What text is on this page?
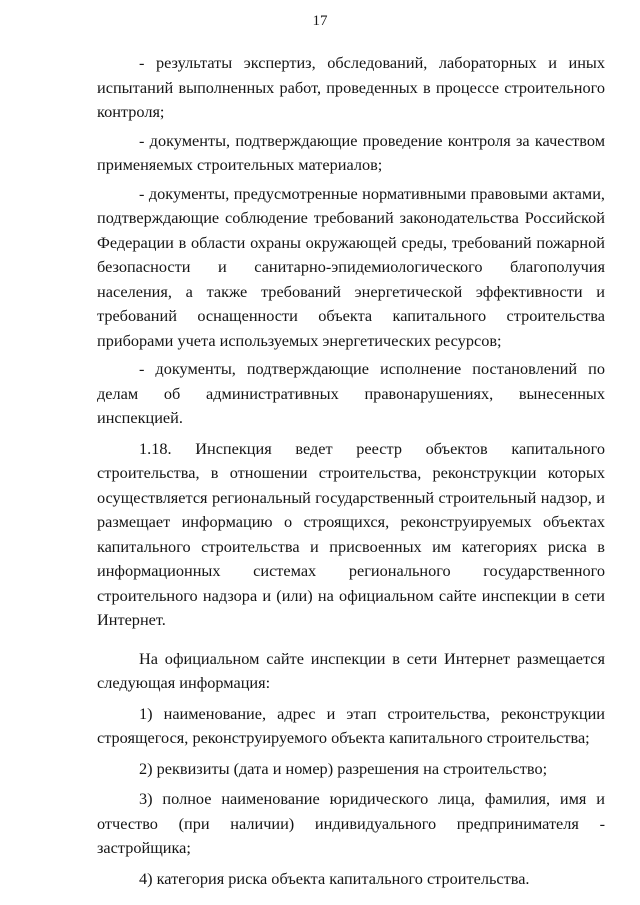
17

- результаты экспертиз, обследований, лабораторных и иных испытаний выполненных работ, проведенных в процессе строительного контроля;

- документы, подтверждающие проведение контроля за качеством применяемых строительных материалов;

- документы, предусмотренные нормативными правовыми актами, подтверждающие соблюдение требований законодательства Российской Федерации в области охраны окружающей среды, требований пожарной безопасности и санитарно-эпидемиологического благополучия населения, а также требований энергетической эффективности и требований оснащенности объекта капитального строительства приборами учета используемых энергетических ресурсов;

- документы, подтверждающие исполнение постановлений по делам об административных правонарушениях, вынесенных инспекцией.

1.18. Инспекция ведет реестр объектов капитального строительства, в отношении строительства, реконструкции которых осуществляется региональный государственный строительный надзор, и размещает информацию о строящихся, реконструируемых объектах капитального строительства и присвоенных им категориях риска в информационных системах регионального государственного строительного надзора и (или) на официальном сайте инспекции в сети Интернет.

На официальном сайте инспекции в сети Интернет размещается следующая информация:

1) наименование, адрес и этап строительства, реконструкции строящегося, реконструируемого объекта капитального строительства;

2) реквизиты (дата и номер) разрешения на строительство;

3) полное наименование юридического лица, фамилия, имя и отчество (при наличии) индивидуального предпринимателя - застройщика;

4) категория риска объекта капитального строительства.
